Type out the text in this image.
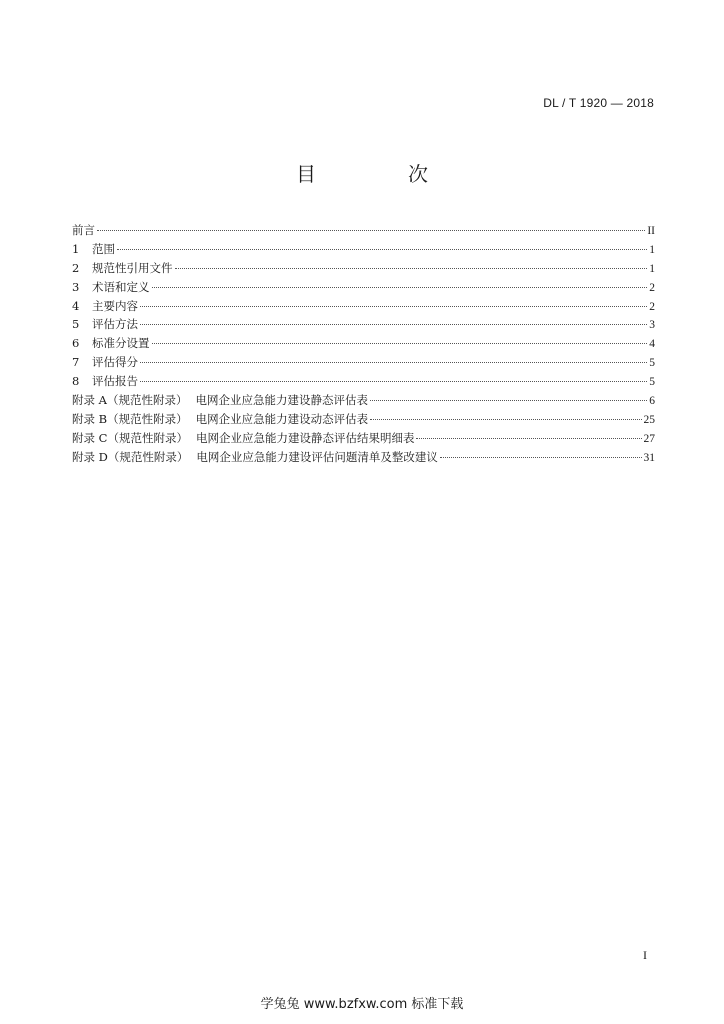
DL / T 1920 — 2018
目　次
前言	II
1	范围	1
2	规范性引用文件	1
3	术语和定义	2
4	主要内容	2
5	评估方法	3
6	标准分设置	4
7	评估得分	5
8	评估报告	5
附录 A（规范性附录） 电网企业应急能力建设静态评估表	6
附录 B（规范性附录） 电网企业应急能力建设动态评估表	25
附录 C（规范性附录） 电网企业应急能力建设静态评估结果明细表	27
附录 D（规范性附录） 电网企业应急能力建设评估问题清单及整改建议	31
I
学兔兔 www.bzfxw.com 标准下载
